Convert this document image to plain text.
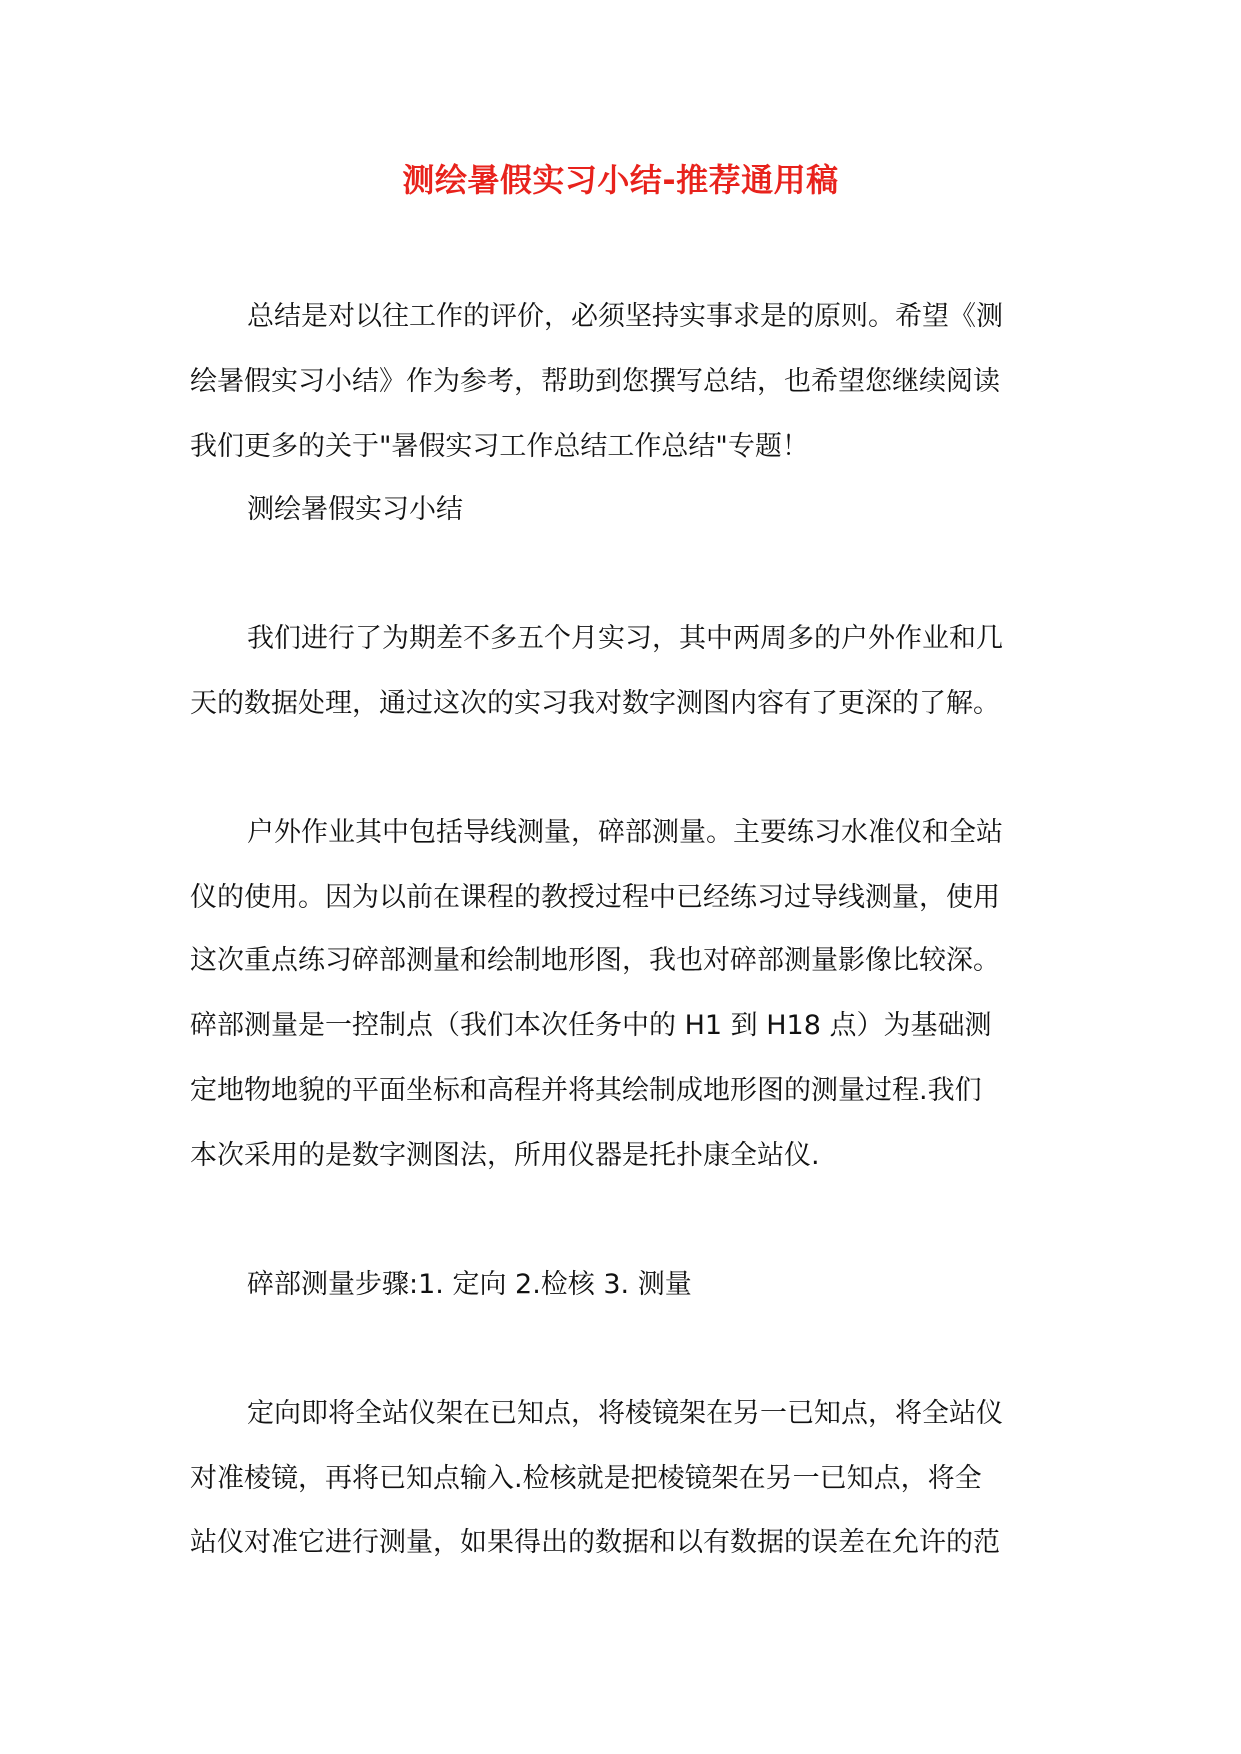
测绘暑假实习小结-推荐通用稿

总结是对以往工作的评价，必须坚持实事求是的原则。希望《测

绘暑假实习小结》作为参考，帮助到您撰写总结，也希望您继续阅读

我们更多的关于"暑假实习工作总结工作总结"专题！

测绘暑假实习小结

我们进行了为期差不多五个月实习，其中两周多的户外作业和几

天的数据处理，通过这次的实习我对数字测图内容有了更深的了解。

户外作业其中包括导线测量，碎部测量。主要练习水准仪和全站

仪的使用。因为以前在课程的教授过程中已经练习过导线测量，使用

这次重点练习碎部测量和绘制地形图，我也对碎部测量影像比较深。

碎部测量是一控制点（我们本次任务中的 H1 到 H18 点）为基础测

定地物地貌的平面坐标和高程并将其绘制成地形图的测量过程.我们

本次采用的是数字测图法，所用仪器是托扑康全站仪.

碎部测量步骤:1. 定向 2.检核 3. 测量

定向即将全站仪架在已知点，将棱镜架在另一已知点，将全站仪

对准棱镜，再将已知点输入.检核就是把棱镜架在另一已知点，将全

站仪对准它进行测量，如果得出的数据和以有数据的误差在允许的范
